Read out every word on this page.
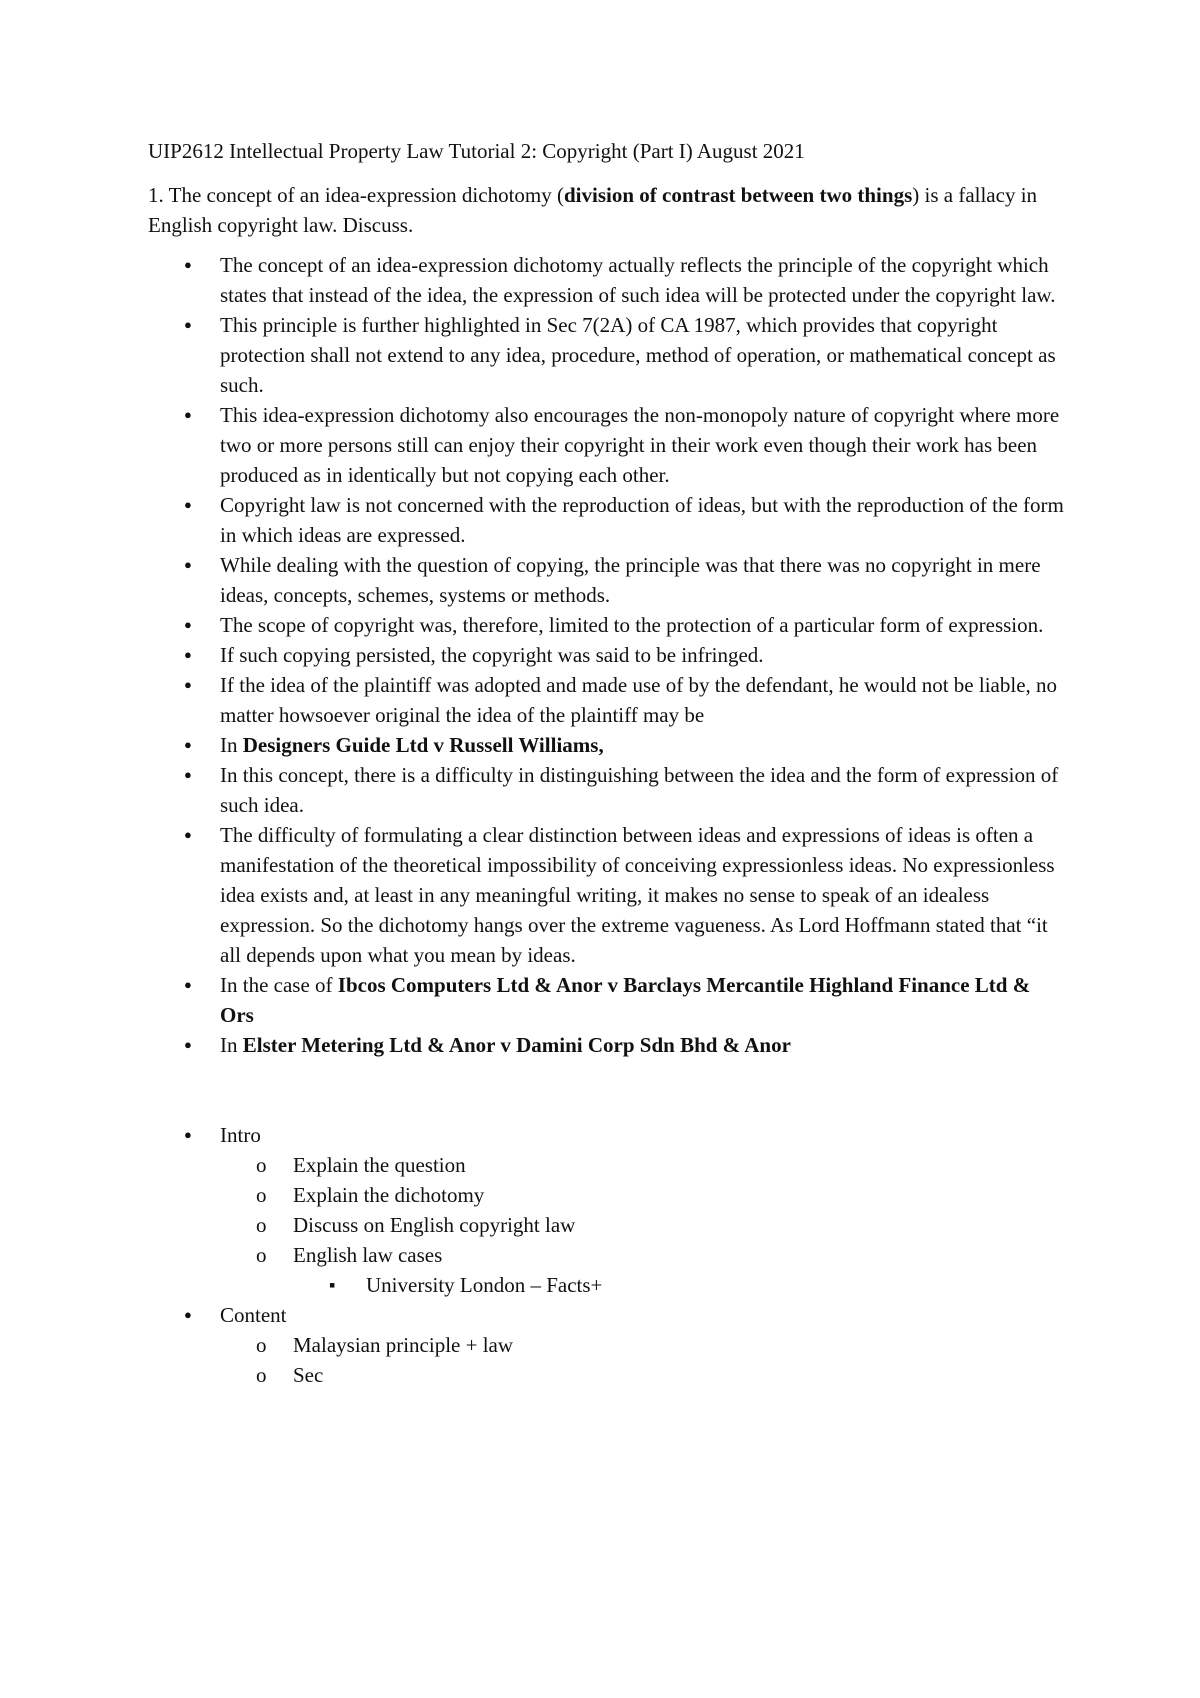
UIP2612 Intellectual Property Law Tutorial 2: Copyright (Part I) August 2021

1. The concept of an idea-expression dichotomy (division of contrast between two things) is a fallacy in English copyright law. Discuss.

● The concept of an idea-expression dichotomy actually reflects the principle of the copyright which states that instead of the idea, the expression of such idea will be protected under the copyright law.
● This principle is further highlighted in Sec 7(2A) of CA 1987, which provides that copyright protection shall not extend to any idea, procedure, method of operation, or mathematical concept as such.
● This idea-expression dichotomy also encourages the non-monopoly nature of copyright where more two or more persons still can enjoy their copyright in their work even though their work has been produced as in identically but not copying each other.
● Copyright law is not concerned with the reproduction of ideas, but with the reproduction of the form in which ideas are expressed.
● While dealing with the question of copying, the principle was that there was no copyright in mere ideas, concepts, schemes, systems or methods.
● The scope of copyright was, therefore, limited to the protection of a particular form of expression.
● If such copying persisted, the copyright was said to be infringed.
● If the idea of the plaintiff was adopted and made use of by the defendant, he would not be liable, no matter howsoever original the idea of the plaintiff may be
● In Designers Guide Ltd v Russell Williams,
● In this concept, there is a difficulty in distinguishing between the idea and the form of expression of such idea.
● The difficulty of formulating a clear distinction between ideas and expressions of ideas is often a manifestation of the theoretical impossibility of conceiving expressionless ideas. No expressionless idea exists and, at least in any meaningful writing, it makes no sense to speak of an idealess expression. So the dichotomy hangs over the extreme vagueness. As Lord Hoffmann stated that “it all depends upon what you mean by ideas.
● In the case of Ibcos Computers Ltd & Anor v Barclays Mercantile Highland Finance Ltd & Ors
● In Elster Metering Ltd & Anor v Damini Corp Sdn Bhd & Anor
● Intro
o Explain the question
o Explain the dichotomy
o Discuss on English copyright law
o English law cases
▪ University London – Facts+
● Content
o Malaysian principle + law
o Sec
